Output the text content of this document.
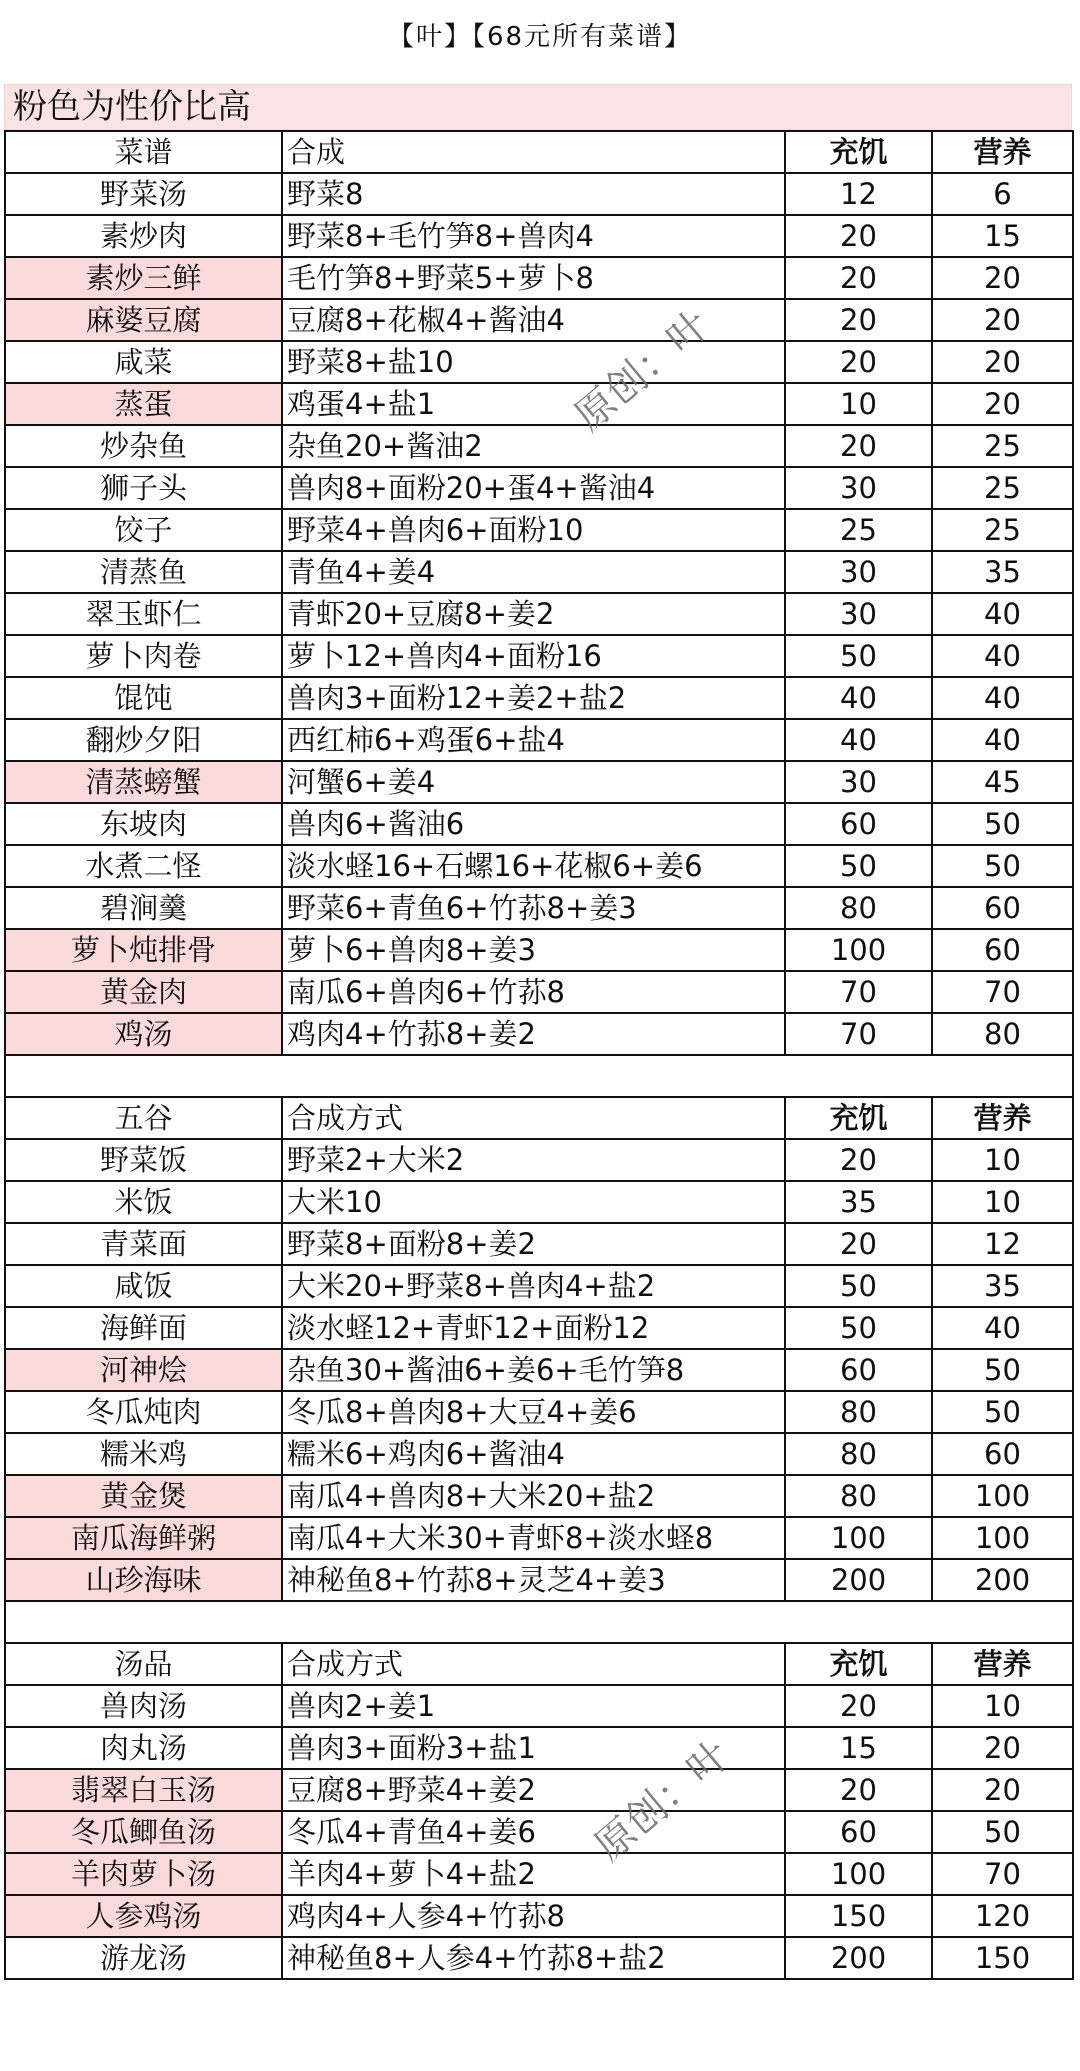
【叶】【68元所有菜谱】
粉色为性价比高
菜谱	合成	充饥	营养
野菜汤	野菜8	12	6
素炒肉	野菜8+毛竹笋8+兽肉4	20	15
素炒三鲜	毛竹笋8+野菜5+萝卜8	20	20
麻婆豆腐	豆腐8+花椒4+酱油4	20	20
咸菜	野菜8+盐10	20	20
蒸蛋	鸡蛋4+盐1	10	20
炒杂鱼	杂鱼20+酱油2	20	25
狮子头	兽肉8+面粉20+蛋4+酱油4	30	25
饺子	野菜4+兽肉6+面粉10	25	25
清蒸鱼	青鱼4+姜4	30	35
翠玉虾仁	青虾20+豆腐8+姜2	30	40
萝卜肉卷	萝卜12+兽肉4+面粉16	50	40
馄饨	兽肉3+面粉12+姜2+盐2	40	40
翻炒夕阳	西红柿6+鸡蛋6+盐4	40	40
清蒸螃蟹	河蟹6+姜4	30	45
东坡肉	兽肉6+酱油6	60	50
水煮二怪	淡水蛏16+石螺16+花椒6+姜6	50	50
碧涧羹	野菜6+青鱼6+竹荪8+姜3	80	60
萝卜炖排骨	萝卜6+兽肉8+姜3	100	60
黄金肉	南瓜6+兽肉6+竹荪8	70	70
鸡汤	鸡肉4+竹荪8+姜2	70	80

五谷	合成方式	充饥	营养
野菜饭	野菜2+大米2	20	10
米饭	大米10	35	10
青菜面	野菜8+面粉8+姜2	20	12
咸饭	大米20+野菜8+兽肉4+盐2	50	35
海鲜面	淡水蛏12+青虾12+面粉12	50	40
河神烩	杂鱼30+酱油6+姜6+毛竹笋8	60	50
冬瓜炖肉	冬瓜8+兽肉8+大豆4+姜6	80	50
糯米鸡	糯米6+鸡肉6+酱油4	80	60
黄金煲	南瓜4+兽肉8+大米20+盐2	80	100
南瓜海鲜粥	南瓜4+大米30+青虾8+淡水蛏8	100	100
山珍海味	神秘鱼8+竹荪8+灵芝4+姜3	200	200

汤品	合成方式	充饥	营养
兽肉汤	兽肉2+姜1	20	10
肉丸汤	兽肉3+面粉3+盐1	15	20
翡翠白玉汤	豆腐8+野菜4+姜2	20	20
冬瓜鲫鱼汤	冬瓜4+青鱼4+姜6	60	50
羊肉萝卜汤	羊肉4+萝卜4+盐2	100	70
人参鸡汤	鸡肉4+人参4+竹荪8	150	120
游龙汤	神秘鱼8+人参4+竹荪8+盐2	200	150
原创：叶
原创：叶
